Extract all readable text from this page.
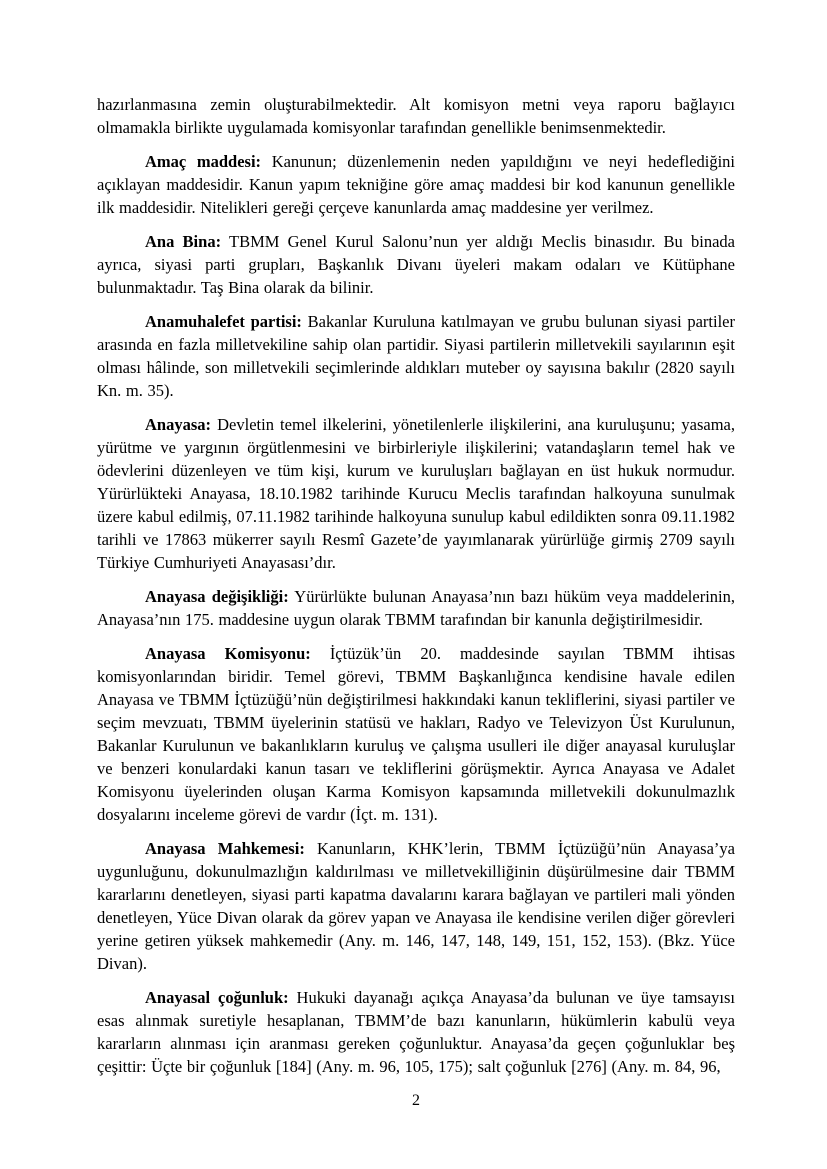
hazırlanmasına zemin oluşturabilmektedir. Alt komisyon metni veya raporu bağlayıcı olmamakla birlikte uygulamada komisyonlar tarafından genellikle benimsenmektedir.

Amaç maddesi: Kanunun; düzenlemenin neden yapıldığını ve neyi hedeflediğini açıklayan maddesidir. Kanun yapım tekniğine göre amaç maddesi bir kod kanunun genellikle ilk maddesidir. Nitelikleri gereği çerçeve kanunlarda amaç maddesine yer verilmez.

Ana Bina: TBMM Genel Kurul Salonu’nun yer aldığı Meclis binasıdır. Bu binada ayrıca, siyasi parti grupları, Başkanlık Divanı üyeleri makam odaları ve Kütüphane bulunmaktadır. Taş Bina olarak da bilinir.

Anamuhalefet partisi: Bakanlar Kuruluna katılmayan ve grubu bulunan siyasi partiler arasında en fazla milletvekiline sahip olan partidir. Siyasi partilerin milletvekili sayılarının eşit olması hâlinde, son milletvekili seçimlerinde aldıkları muteber oy sayısına bakılır (2820 sayılı Kn. m. 35).

Anayasa: Devletin temel ilkelerini, yönetilenlerle ilişkilerini, ana kuruluşunu; yasama, yürütme ve yargının örgütlenmesini ve birbirleriyle ilişkilerini; vatandaşların temel hak ve ödevlerini düzenleyen ve tüm kişi, kurum ve kuruluşları bağlayan en üst hukuk normudur. Yürürlükteki Anayasa, 18.10.1982 tarihinde Kurucu Meclis tarafından halkoyuna sunulmak üzere kabul edilmiş, 07.11.1982 tarihinde halkoyuna sunulup kabul edildikten sonra 09.11.1982 tarihli ve 17863 mükerrer sayılı Resmî Gazete’de yayımlanarak yürürlüğe girmiş 2709 sayılı Türkiye Cumhuriyeti Anayasası’dır.

Anayasa değişikliği: Yürürlükte bulunan Anayasa’nın bazı hüküm veya maddelerinin, Anayasa’nın 175. maddesine uygun olarak TBMM tarafından bir kanunla değiştirilmesidir.

Anayasa Komisyonu: İçtüzük’ün 20. maddesinde sayılan TBMM ihtisas komisyonlarından biridir. Temel görevi, TBMM Başkanlığınca kendisine havale edilen Anayasa ve TBMM İçtüzüğü’nün değiştirilmesi hakkındaki kanun tekliflerini, siyasi partiler ve seçim mevzuatı, TBMM üyelerinin statüsü ve hakları, Radyo ve Televizyon Üst Kurulunun, Bakanlar Kurulunun ve bakanlıkların kuruluş ve çalışma usulleri ile diğer anayasal kuruluşlar ve benzeri konulardaki kanun tasarı ve tekliflerini görüşmektir. Ayrıca Anayasa ve Adalet Komisyonu üyelerinden oluşan Karma Komisyon kapsamında milletvekili dokunulmazlık dosyalarını inceleme görevi de vardır (İçt. m. 131).

Anayasa Mahkemesi: Kanunların, KHK’lerin, TBMM İçtüzüğü’nün Anayasa’ya uygunluğunu, dokunulmazlığın kaldırılması ve milletvekilliğinin düşürülmesine dair TBMM kararlarını denetleyen, siyasi parti kapatma davalarını karara bağlayan ve partileri mali yönden denetleyen, Yüce Divan olarak da görev yapan ve Anayasa ile kendisine verilen diğer görevleri yerine getiren yüksek mahkemedir (Any. m. 146, 147, 148, 149, 151, 152, 153). (Bkz. Yüce Divan).

Anayasal çoğunluk: Hukuki dayanağı açıkça Anayasa’da bulunan ve üye tamsayısı esas alınmak suretiyle hesaplanan, TBMM’de bazı kanunların, hükümlerin kabulü veya kararların alınması için aranması gereken çoğunluktur. Anayasa’da geçen çoğunluklar beş çeşittir: Üçte bir çoğunluk [184] (Any. m. 96, 105, 175); salt çoğunluk [276] (Any. m. 84, 96,

2
